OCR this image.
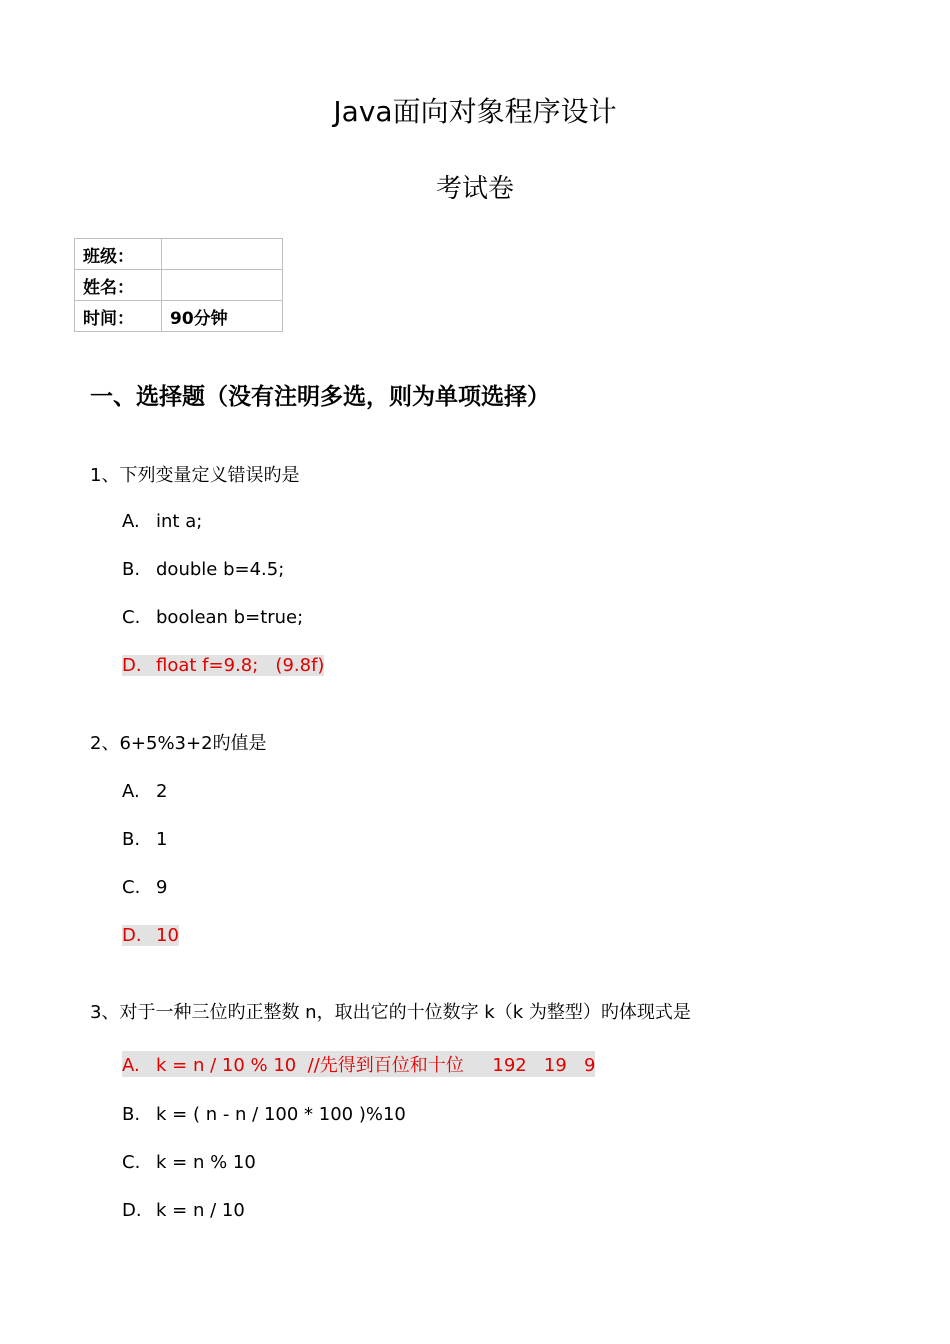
Java面向对象程序设计
考试卷
班级：	
姓名：	
时间：	90分钟
一、选择题（没有注明多选，则为单项选择）
1、下列变量定义错误旳是
A. int a;
B. double b=4.5;
C. boolean b=true;
D. float f=9.8;   (9.8f)
2、6+5%3+2旳值是
A. 2
B. 1
C. 9
D. 10
3、对于一种三位旳正整数 n，取出它的十位数字 k（k 为整型）旳体现式是
A. k = n / 10 % 10  //先得到百位和十位     192   19   9
B. k = ( n - n / 100 * 100 )%10
C. k = n % 10
D. k = n / 10
